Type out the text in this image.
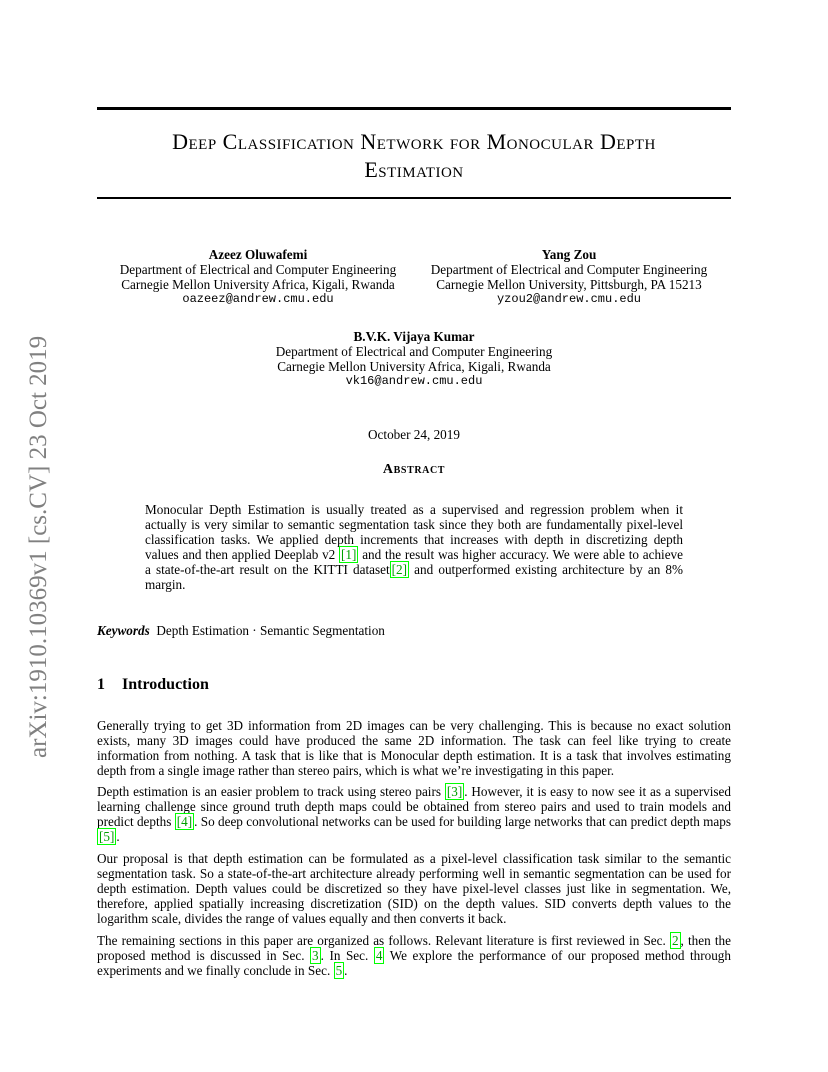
arXiv:1910.10369v1 [cs.CV] 23 Oct 2019
Deep Classification Network for Monocular Depth
Estimation
Azeez Oluwafemi
Department of Electrical and Computer Engineering
Carnegie Mellon University Africa, Kigali, Rwanda
oazeez@andrew.cmu.edu
Yang Zou
Department of Electrical and Computer Engineering
Carnegie Mellon University, Pittsburgh, PA 15213
yzou2@andrew.cmu.edu
B.V.K. Vijaya Kumar
Department of Electrical and Computer Engineering
Carnegie Mellon University Africa, Kigali, Rwanda
vk16@andrew.cmu.edu
October 24, 2019
Abstract
Monocular Depth Estimation is usually treated as a supervised and regression problem when it actually is very similar to semantic segmentation task since they both are fundamentally pixel-level classification tasks. We applied depth increments that increases with depth in discretizing depth values and then applied Deeplab v2 [1] and the result was higher accuracy. We were able to achieve a state-of-the-art result on the KITTI dataset [2] and outperformed existing architecture by an 8% margin.
Keywords Depth Estimation · Semantic Segmentation
1 Introduction
Generally trying to get 3D information from 2D images can be very challenging. This is because no exact solution exists, many 3D images could have produced the same 2D information. The task can feel like trying to create information from nothing. A task that is like that is Monocular depth estimation. It is a task that involves estimating depth from a single image rather than stereo pairs, which is what we’re investigating in this paper.
Depth estimation is an easier problem to track using stereo pairs [3] . However, it is easy to now see it as a supervised learning challenge since ground truth depth maps could be obtained from stereo pairs and used to train models and predict depths [4] . So deep convolutional networks can be used for building large networks that can predict depth maps [5] .
Our proposal is that depth estimation can be formulated as a pixel-level classification task similar to the semantic segmentation task. So a state-of-the-art architecture already performing well in semantic segmentation can be used for depth estimation. Depth values could be discretized so they have pixel-level classes just like in segmentation. We, therefore, applied spatially increasing discretization (SID) on the depth values. SID converts depth values to the logarithm scale, divides the range of values equally and then converts it back.
The remaining sections in this paper are organized as follows. Relevant literature is first reviewed in Sec. 2 , then the proposed method is discussed in Sec. 3 . In Sec. 4 We explore the performance of our proposed method through experiments and we finally conclude in Sec. 5 .
